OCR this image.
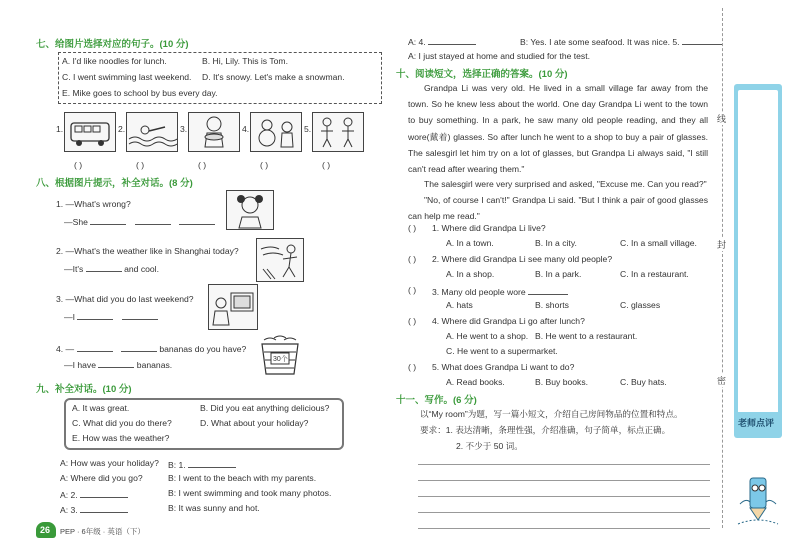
七、给图片选择对应的句子。(10 分)
A. I'd like noodles for lunch.	B. Hi, Lily. This is Tom.
C. I went swimming last weekend. D. It's snowy. Let's make a snowman.
E. Mike goes to school by bus every day.
1.	2.	3.	4.	5.
( )	( )	( )	( )	( )
八、根据图片提示，补全对话。(8 分)
1. —What's wrong?
—She
2. —What's the weather like in Shanghai today?
—It's	and cool.
3. —What did you do last weekend?
—I
4. —	bananas do you have?
—I have	bananas.
30个
九、补全对话。(10 分)
A. It was great.	B. Did you eat anything delicious?
C. What did you do there?	D. What about your holiday?
E. How was the weather?
A: How was your holiday? B: 1.
A: Where did you go?	B: I went to the beach with my parents.
A: 2.	B: I went swimming and took many photos.
A: 3.	B: It was sunny and hot.
26 PEP · 6年级 · 英语（下）
A: 4.	B: Yes. I ate some seafood. It was nice. 5.
A: I just stayed at home and studied for the test.
十、阅读短文，选择正确的答案。(10 分)
Grandpa Li was very old. He lived in a small village far away from the town. So he knew less about the world. One day Grandpa Li went to the town to buy something. In a park, he saw many old people reading, and they all wore(戴着) glasses. So after lunch he went to a shop to buy a pair of glasses. The salesgirl let him try on a lot of glasses, but Grandpa Li always said, "I still can't read after wearing them."
The salesgirl were very surprised and asked, "Excuse me. Can you read?"
"No, of course I can't!" Grandpa Li said. "But I think a pair of good glasses can help me read."
( ) 1. Where did Grandpa Li live?
A. In a town.	B. In a city.	C. In a small village.
( ) 2. Where did Grandpa Li see many old people?
A. In a shop.	B. In a park.	C. In a restaurant.
( ) 3. Many old people wore
A. hats	B. shorts	C. glasses
( ) 4. Where did Grandpa Li go after lunch?
A. He went to a shop. B. He went to a restaurant.
C. He went to a supermarket.
( ) 5. What does Grandpa Li want to do?
A. Read books.	B. Buy books.	C. Buy hats.
十一、写作。(6 分)
以“My room”为题，写一篇小短文，介绍自己房间物品的位置和特点。
要求：1. 表达清晰，条理性强，介绍准确，句子简单，标点正确。
2. 不少于 50 词。
线
封
密
老师点评
